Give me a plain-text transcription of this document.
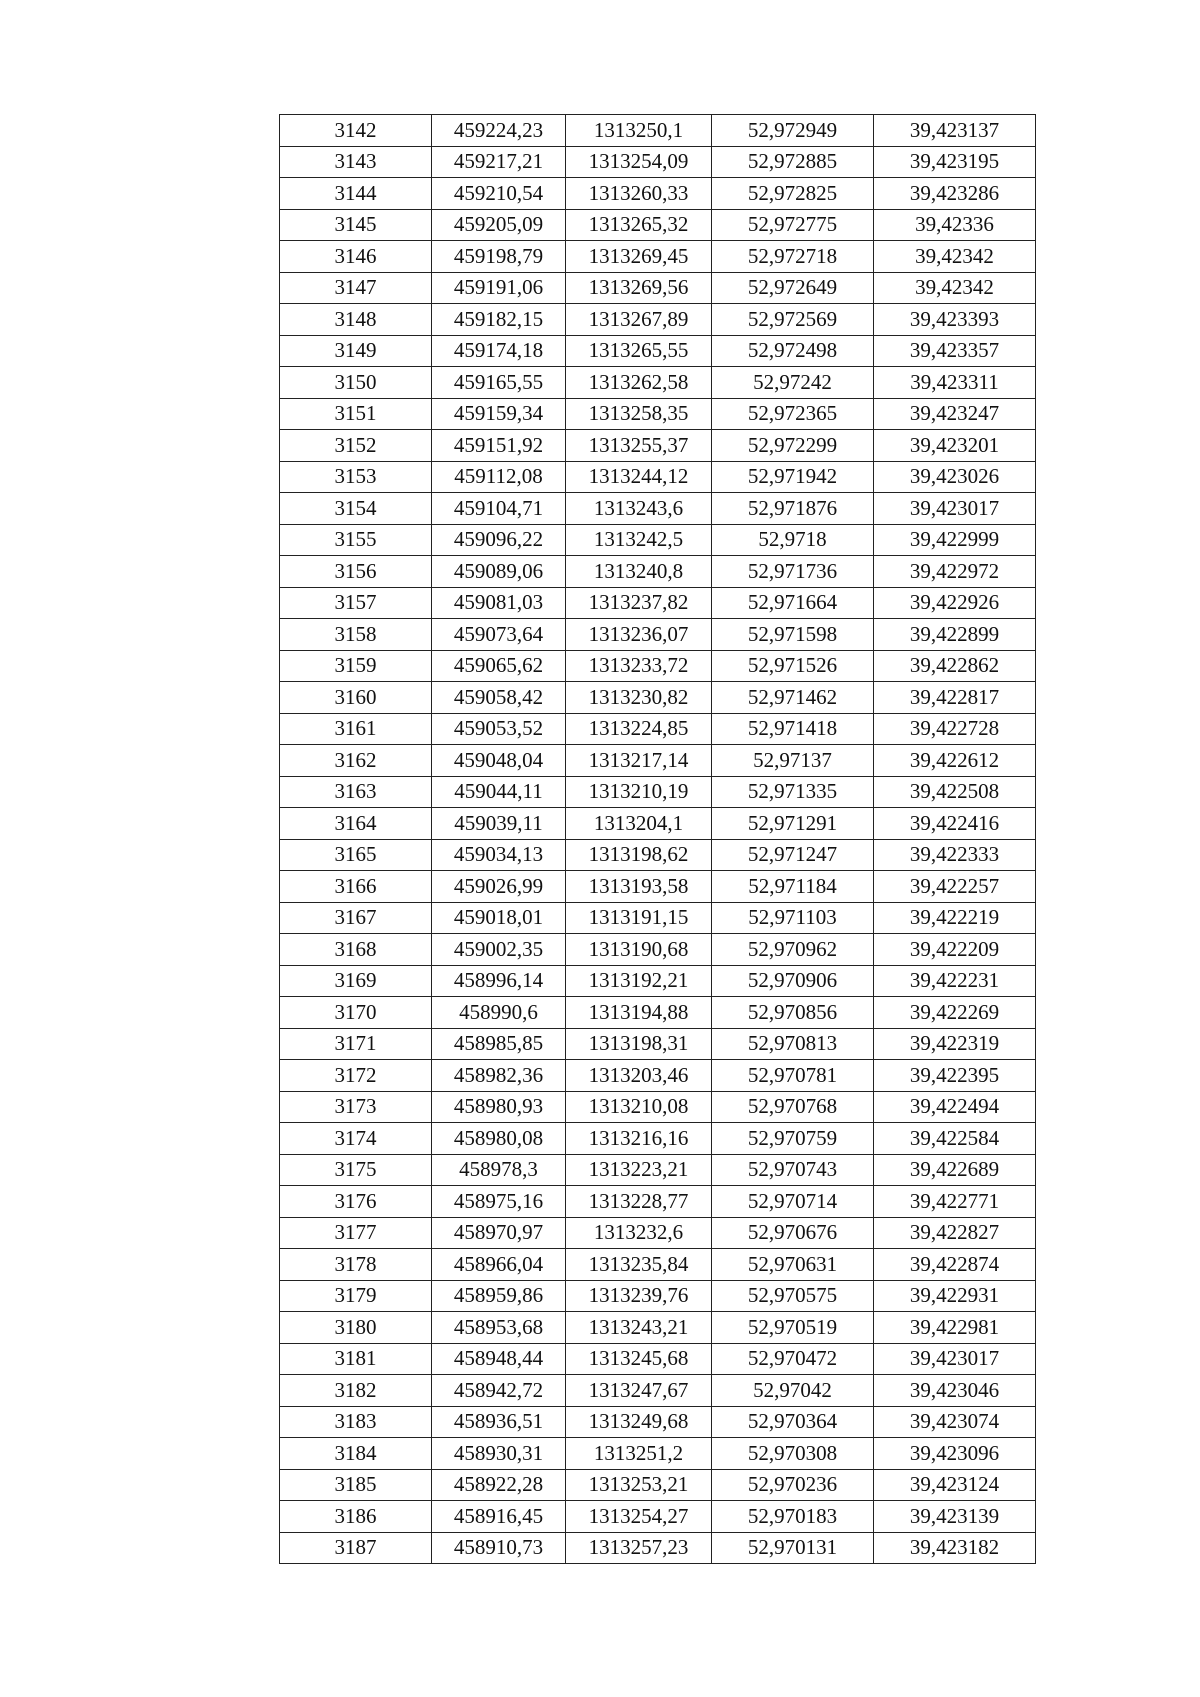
3142	459224,23	1313250,1	52,972949	39,423137
3143	459217,21	1313254,09	52,972885	39,423195
3144	459210,54	1313260,33	52,972825	39,423286
3145	459205,09	1313265,32	52,972775	39,42336
3146	459198,79	1313269,45	52,972718	39,42342
3147	459191,06	1313269,56	52,972649	39,42342
3148	459182,15	1313267,89	52,972569	39,423393
3149	459174,18	1313265,55	52,972498	39,423357
3150	459165,55	1313262,58	52,97242	39,423311
3151	459159,34	1313258,35	52,972365	39,423247
3152	459151,92	1313255,37	52,972299	39,423201
3153	459112,08	1313244,12	52,971942	39,423026
3154	459104,71	1313243,6	52,971876	39,423017
3155	459096,22	1313242,5	52,9718	39,422999
3156	459089,06	1313240,8	52,971736	39,422972
3157	459081,03	1313237,82	52,971664	39,422926
3158	459073,64	1313236,07	52,971598	39,422899
3159	459065,62	1313233,72	52,971526	39,422862
3160	459058,42	1313230,82	52,971462	39,422817
3161	459053,52	1313224,85	52,971418	39,422728
3162	459048,04	1313217,14	52,97137	39,422612
3163	459044,11	1313210,19	52,971335	39,422508
3164	459039,11	1313204,1	52,971291	39,422416
3165	459034,13	1313198,62	52,971247	39,422333
3166	459026,99	1313193,58	52,971184	39,422257
3167	459018,01	1313191,15	52,971103	39,422219
3168	459002,35	1313190,68	52,970962	39,422209
3169	458996,14	1313192,21	52,970906	39,422231
3170	458990,6	1313194,88	52,970856	39,422269
3171	458985,85	1313198,31	52,970813	39,422319
3172	458982,36	1313203,46	52,970781	39,422395
3173	458980,93	1313210,08	52,970768	39,422494
3174	458980,08	1313216,16	52,970759	39,422584
3175	458978,3	1313223,21	52,970743	39,422689
3176	458975,16	1313228,77	52,970714	39,422771
3177	458970,97	1313232,6	52,970676	39,422827
3178	458966,04	1313235,84	52,970631	39,422874
3179	458959,86	1313239,76	52,970575	39,422931
3180	458953,68	1313243,21	52,970519	39,422981
3181	458948,44	1313245,68	52,970472	39,423017
3182	458942,72	1313247,67	52,97042	39,423046
3183	458936,51	1313249,68	52,970364	39,423074
3184	458930,31	1313251,2	52,970308	39,423096
3185	458922,28	1313253,21	52,970236	39,423124
3186	458916,45	1313254,27	52,970183	39,423139
3187	458910,73	1313257,23	52,970131	39,423182
